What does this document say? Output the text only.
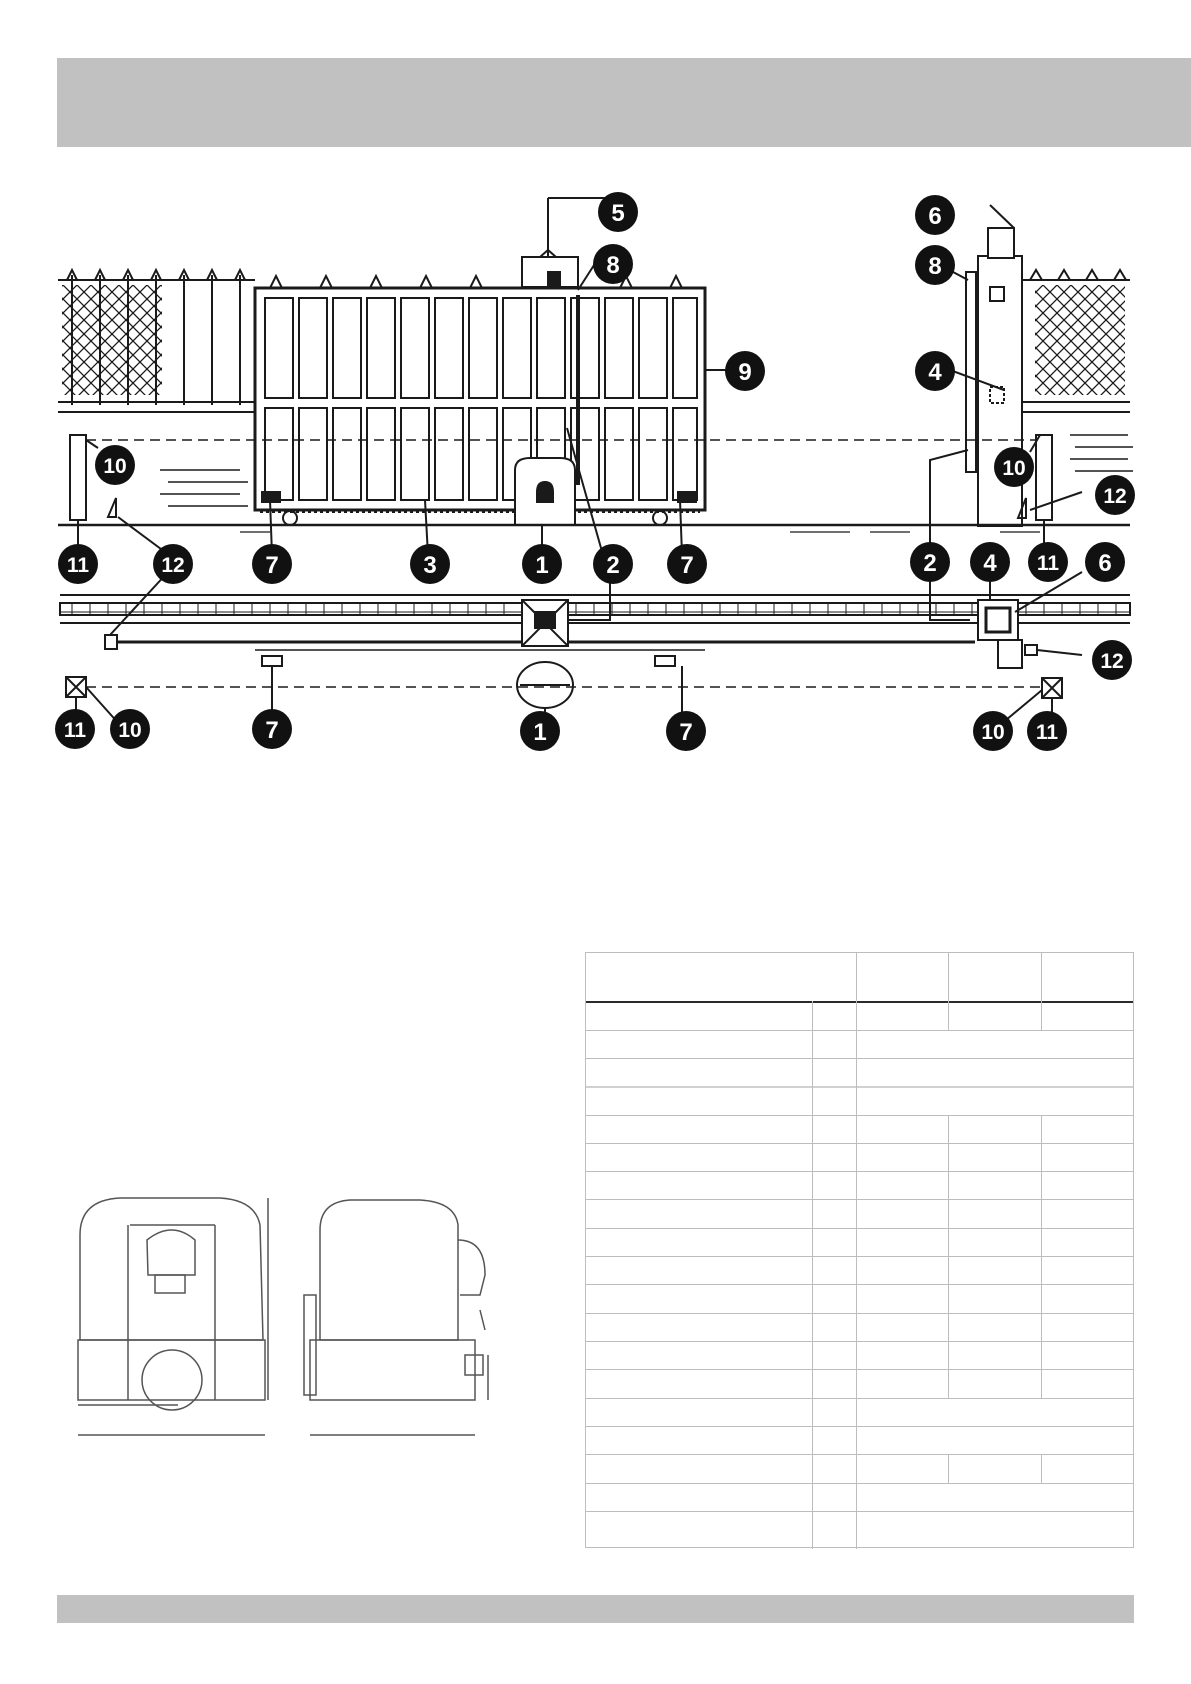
5
8
6
8
9	4
10	10
12
11	12	7	3	1 2	7	2 4 11 6
12
11 10	7	1	7	10 11
